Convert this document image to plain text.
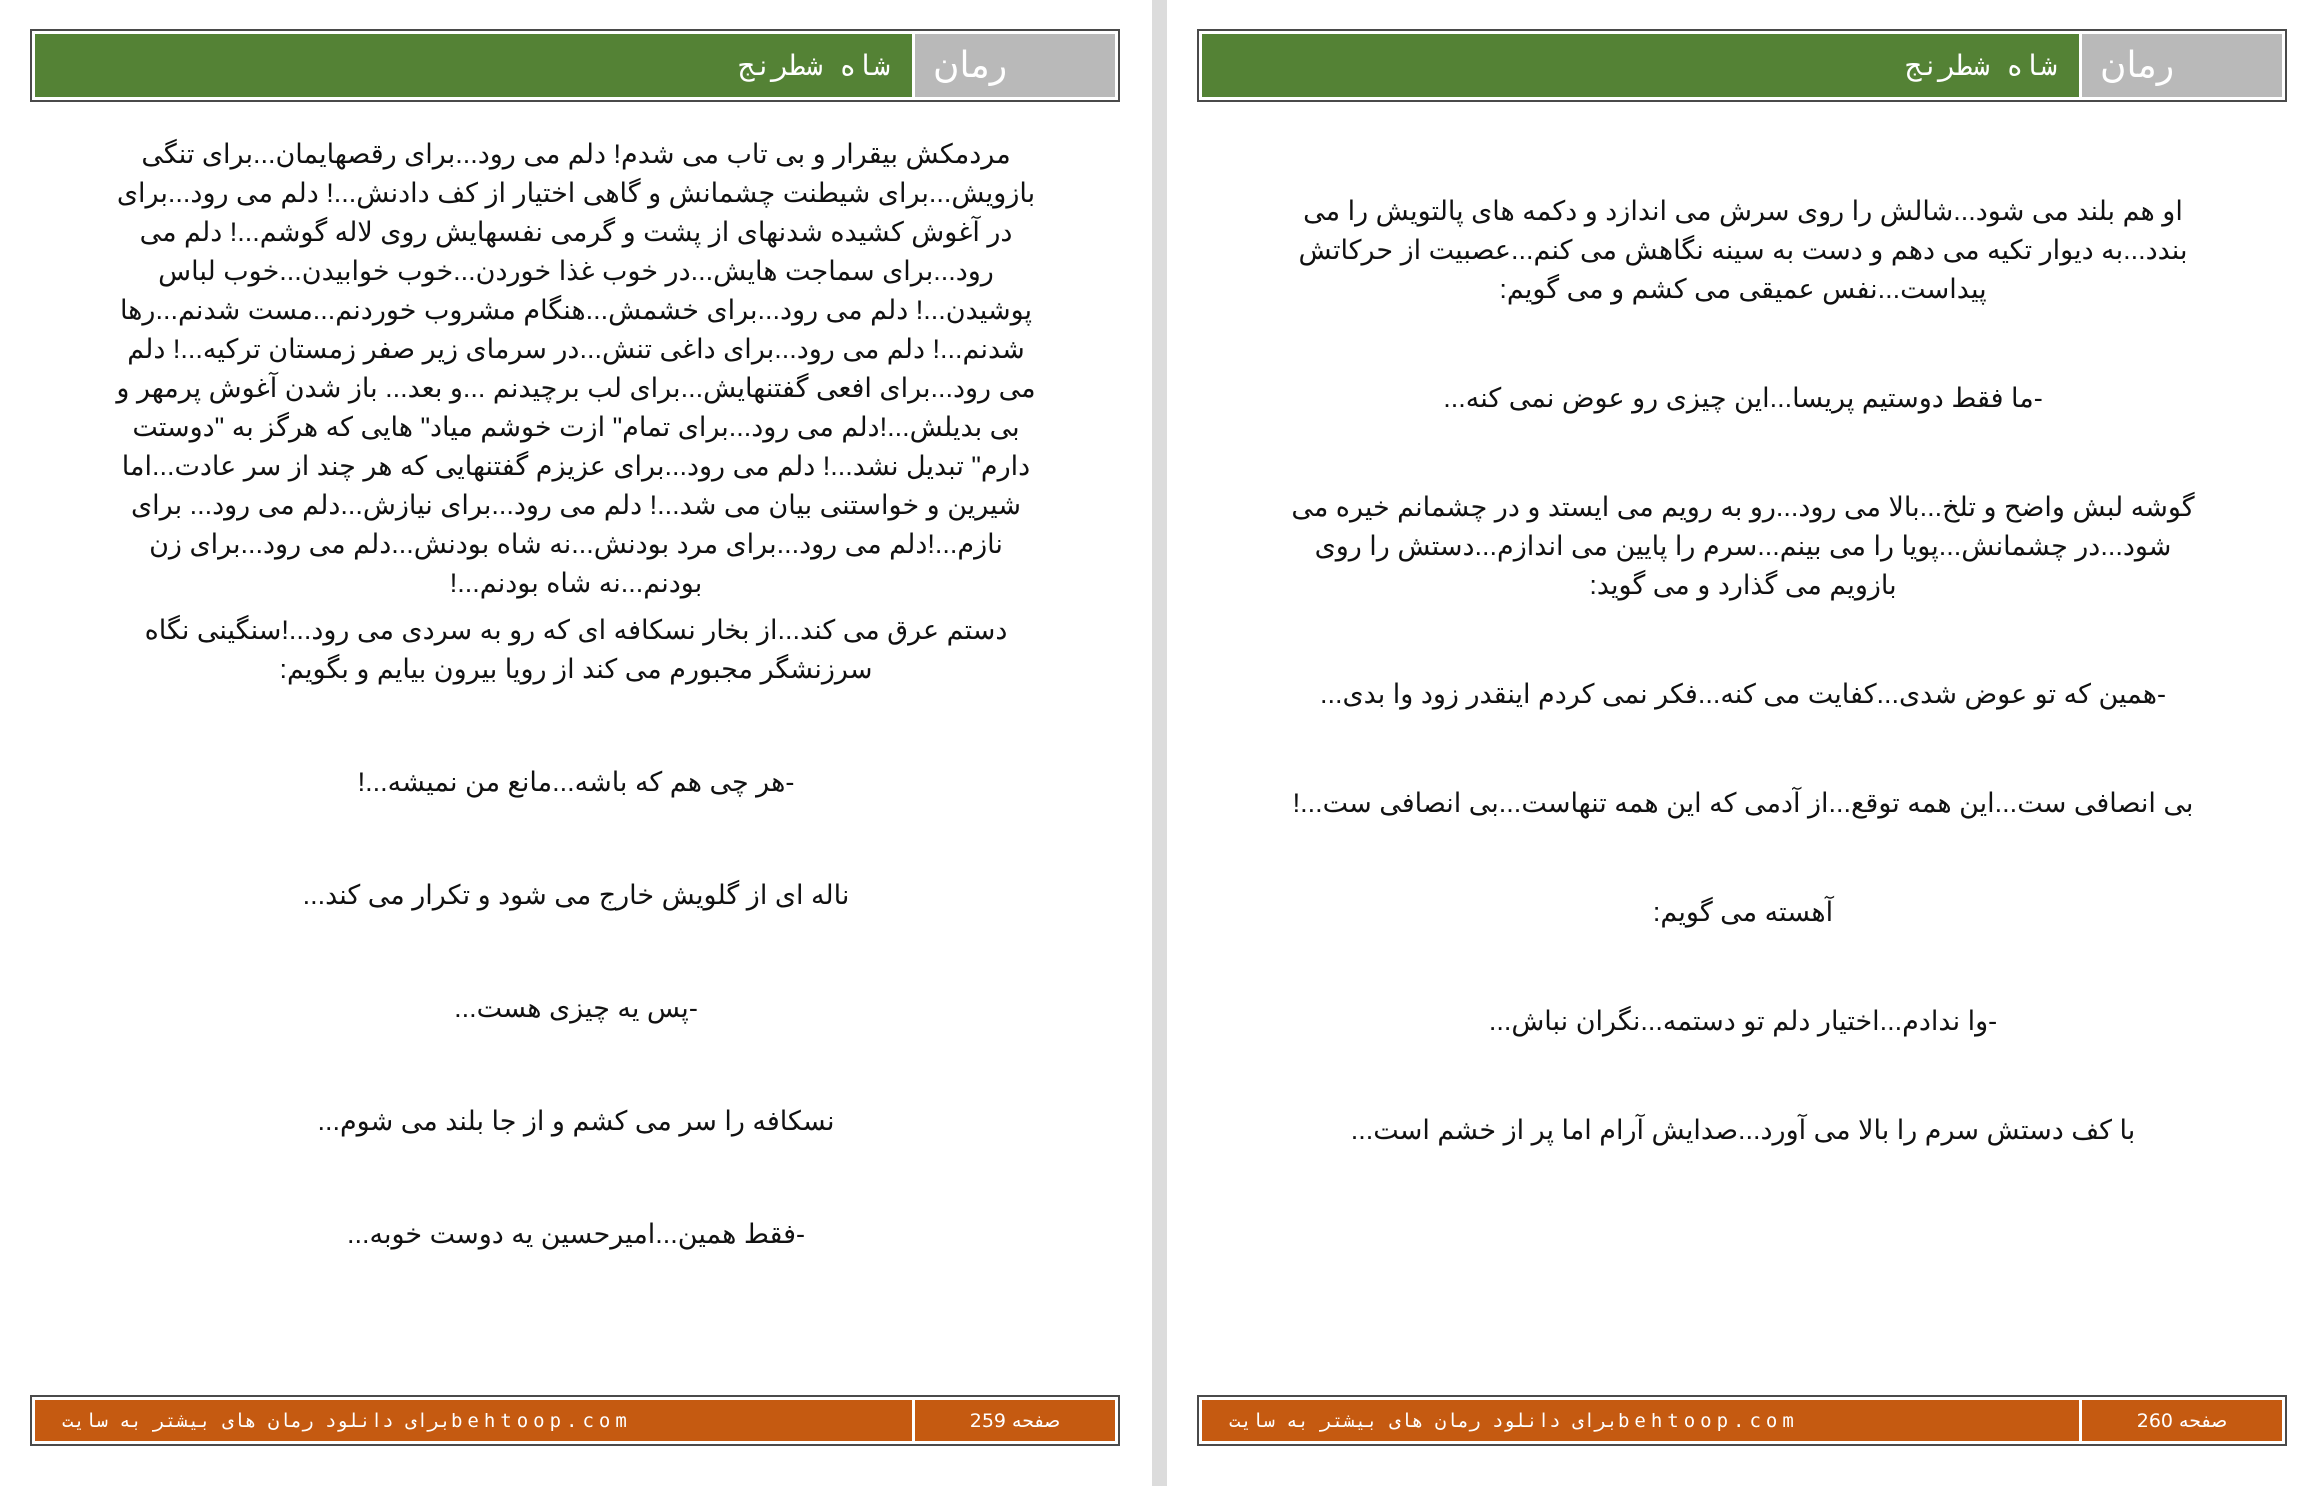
شاه شطرنج رمان

مردمکش بیقرار و بی تاب می شدم! دلم می رود...برای رقصهایمان...برای تنگی بازویش...برای شیطنت چشمانش و گاهی اختیار از کف دادنش...! دلم می رود...برای در آغوش کشیده شدنهای از پشت و گرمی نفسهایش روی لاله گوشم...! دلم می رود...برای سماجت هایش...در خوب غذا خوردن...خوب خوابیدن...خوب لباس پوشیدن...! دلم می رود...برای خشمش...هنگام مشروب خوردنم...مست شدنم...رها شدنم...! دلم می رود...برای داغی تنش...در سرمای زیر صفر زمستان ترکیه...! دلم می رود...برای افعی گفتنهایش...برای لب برچیدنم ...و بعد... باز شدن آغوش پرمهر و بی بدیلش...!دلم می رود...برای تمام" ازت خوشم میاد" هایی که هرگز به "دوستت دارم" تبدیل نشد...! دلم می رود...برای عزیزم گفتنهایی که هر چند از سر عادت...اما شیرین و خواستنی بیان می شد...! دلم می رود...برای نیازش...دلم می رود... برای نازم...!دلم می رود...برای مرد بودنش...نه شاه بودنش...دلم می رود...برای زن بودنم...نه شاه بودنم...!

دستم عرق می کند...از بخار نسکافه ای که رو به سردی می رود...!سنگینی نگاه سرزنشگر مجبورم می کند از رویا بیرون بیایم و بگویم:

-هر چی هم که باشه...مانع من نمیشه...!

ناله ای از گلویش خارج می شود و تکرار می کند...

-پس یه چیزی هست...

نسکافه را سر می کشم و از جا بلند می شوم...

-فقط همین...امیرحسین یه دوست خوبه...

برای دانلود رمان های بیشتر به سایتbehtoop.com	صفحه 259
شاه شطرنج رمان

او هم بلند می شود...شالش را روی سرش می اندازد و دکمه های پالتویش را می بندد...به دیوار تکیه می دهم و دست به سینه نگاهش می کنم...عصبیت از حرکاتش پیداست...نفس عمیقی می کشم و می گویم:

-ما فقط دوستیم پریسا...این چیزی رو عوض نمی کنه...

گوشه لبش واضح و تلخ...بالا می رود...رو به رویم می ایستد و در چشمانم خیره می شود...در چشمانش...پویا را می بینم...سرم را پایین می اندازم...دستش را روی بازویم می گذارد و می گوید:

-همین که تو عوض شدی...کفایت می کنه...فکر نمی کردم اینقدر زود وا بدی...

بی انصافی ست...این همه توقع...از آدمی که این همه تنهاست...بی انصافی ست...!

آهسته می گویم:

-وا ندادم...اختیار دلم تو دستمه...نگران نباش...

با کف دستش سرم را بالا می آورد...صدایش آرام اما پر از خشم است...

برای دانلود رمان های بیشتر به سایتbehtoop.com	صفحه 260
